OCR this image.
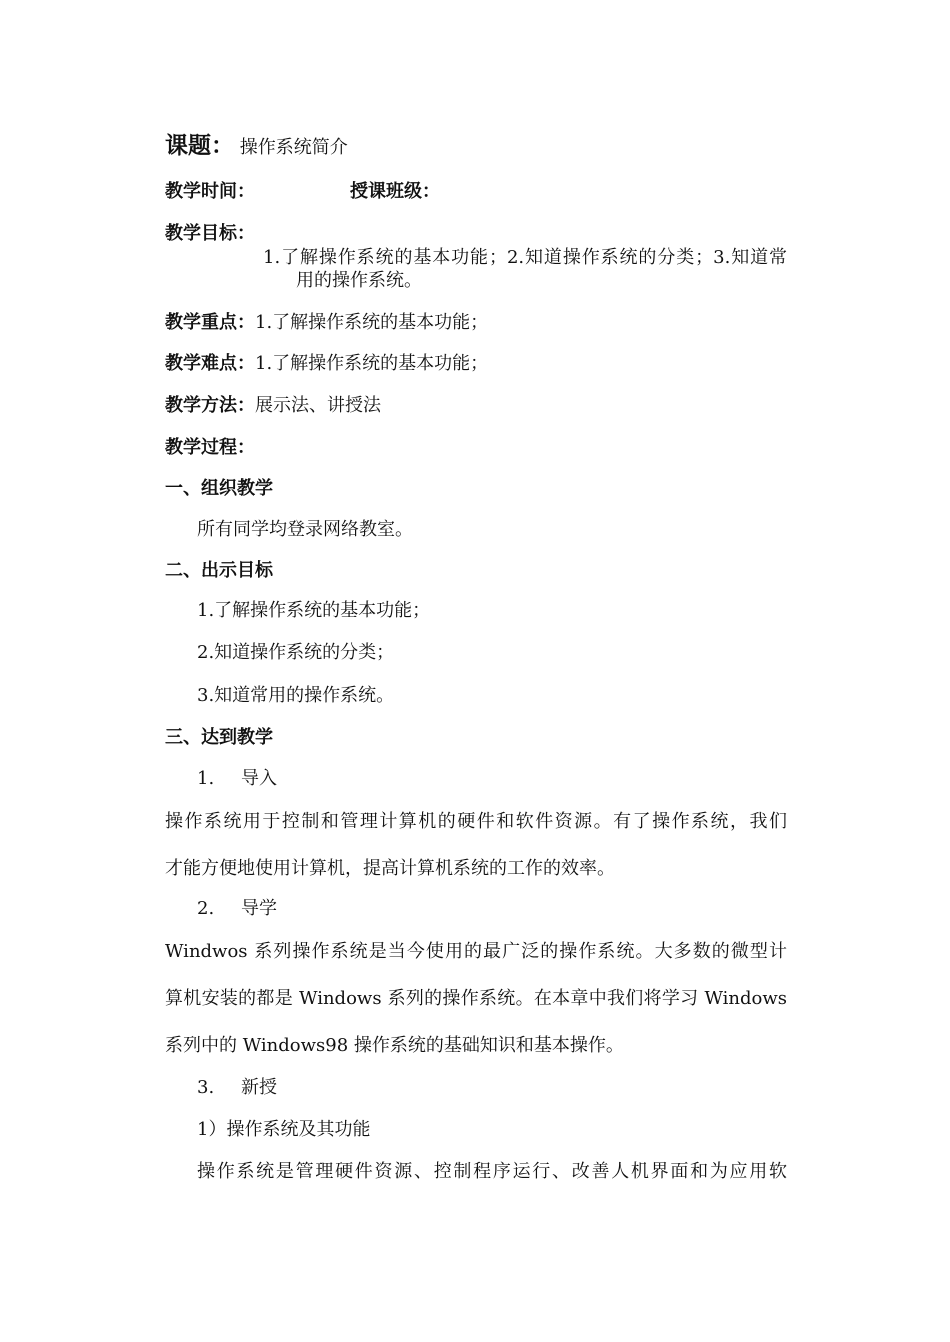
课题： 操作系统简介
教学时间：	授课班级：
教学目标：
1.了解操作系统的基本功能；2.知道操作系统的分类；3.知道常
用的操作系统。
教学重点：1.了解操作系统的基本功能；
教学难点：1.了解操作系统的基本功能；
教学方法：展示法、讲授法
教学过程：
一、组织教学
所有同学均登录网络教室。
二、出示目标
1.了解操作系统的基本功能；
2.知道操作系统的分类；
3.知道常用的操作系统。
三、达到教学
1. 导入
操作系统用于控制和管理计算机的硬件和软件资源。有了操作系统，我们
才能方便地使用计算机，提高计算机系统的工作的效率。
2. 导学
Windwos 系列操作系统是当今使用的最广泛的操作系统。大多数的微型计
算机安装的都是 Windows 系列的操作系统。在本章中我们将学习 Windows
系列中的 Windows98 操作系统的基础知识和基本操作。
3. 新授
1）操作系统及其功能
操作系统是管理硬件资源、控制程序运行、改善人机界面和为应用软
